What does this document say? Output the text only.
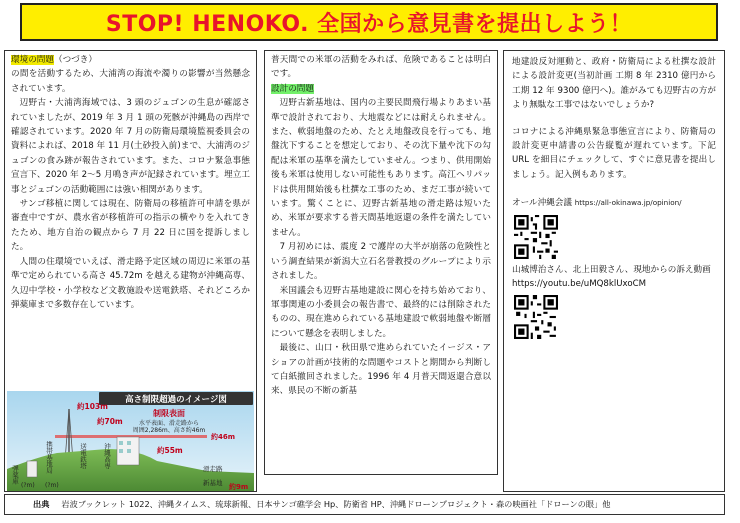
STOP! HENOKO. 全国から意見書を提出しよう！

環境の問題（つづき）

の間を活動するため、大浦湾の海流や濁りの影響が当然懸念されています。

辺野古・大浦湾海域では、3 頭のジュゴンの生息が確認されていましたが、2019 年 3 月 1 頭の死骸が沖縄島の西岸で確認されています。2020 年 7 月の防衛局環境監視委員会の資料によれば、2018 年 11 月(土砂投入前)まで、大浦湾のジュゴンの食み跡が報告されています。また、コロナ緊急事態宣言下、2020 年 2～5 月鳴き声が記録されています。埋立工事とジュゴンの活動範囲には強い相関があります。

サンゴ移植に関しては現在、防衛局の移植許可申請を県が審査中ですが、農水省が移植許可の指示の横やりを入れてきたため、地方自治の観点から 7 月 22 日に国を提訴しました。

人間の住環境でいえば、滑走路予定区域の周辺に米軍の基準で定められている高さ 45.72m を越える建物が沖縄高専、久辺中学校・小学校など文教施設や送電鉄塔、それどころか弾薬庫まで多数存在しています。

高さ制限超過のイメージ図
約103m
約70m
制限表面
水平表面、滑走路から
周囲2,286m、高さ約46m
約46m
約55m
弾薬庫
(?m)
携帯基地局
(?m)
送電鉄塔 沖縄高専	滑走路
新基地 約9m

普天間での米軍の活動をみれば、危険であることは明白です。

設計の問題

辺野古新基地は、国内の主要民間飛行場よりあまい基準で設計されており、大地震などには耐えられません。また、軟弱地盤のため、たとえ地盤改良を行っても、地盤沈下することを想定しており、その沈下量や沈下の勾配は米軍の基準を満たしていません。つまり、供用開始後も米軍は使用しない可能性もあります。高江ヘリパッドは供用開始後も杜撰な工事のため、まだ工事が続いています。驚くことに、辺野古新基地の滑走路は短いため、米軍が要求する普天間基地返還の条件を満たしていません。

7 月初めには、震度 2 で護岸の大半が崩落の危険性という調査結果が新潟大立石名誉教授のグループにより示されました。

米国議会も辺野古基地建設に関心を持ち始めており、軍事関連の小委員会の報告書で、最終的には削除されたものの、現在進められている基地建設で軟弱地盤や断層について懸念を表明しました。

最後に、山口・秋田県で進められていたイージス・アショアの計画が技術的な問題やコストと期間から判断して白紙撤回されました。1996 年 4 月普天間返還合意以来、県民の不断の新基

地建設反対運動と、政府・防衛局による杜撰な設計による設計変更(当初計画 工期 8 年 2310 億円から工期 12 年 9300 億円へ)。誰がみても辺野古の方がより無駄な工事ではないでしょうか?

コロナによる沖縄県緊急事態宣言により、防衛局の設計変更申請書の公告縦覧が遅れています。下記 URL を細目にチェックして、すぐに意見書を提出しましょう。記入例もあります。

オール沖縄会議 https://all-okinawa.jp/opinion/

山城博治さん、北上田毅さん、現地からの訴え動画

https://youtu.be/uMQ8klUxoCM

出典 岩波ブックレット 1022、沖縄タイムス、琉球新報、日本サンゴ礁学会 Hp、防衛省 HP、沖縄ドローンプロジェクト・森の映画社「ドローンの眼」他
